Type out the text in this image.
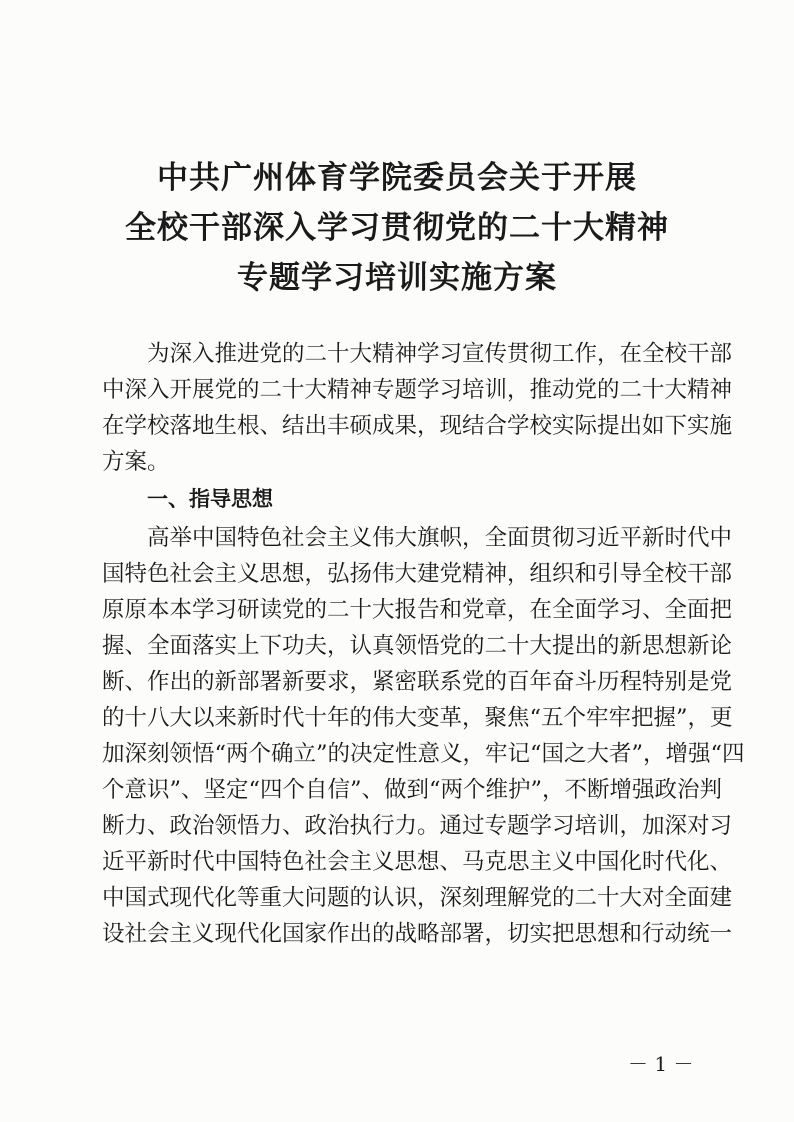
中共广州体育学院委员会关于开展
全校干部深入学习贯彻党的二十大精神
专题学习培训实施方案
为深入推进党的二十大精神学习宣传贯彻工作，在全校干部
中深入开展党的二十大精神专题学习培训，推动党的二十大精神
在学校落地生根、结出丰硕成果，现结合学校实际提出如下实施
方案。
一、指导思想
高举中国特色社会主义伟大旗帜，全面贯彻习近平新时代中
国特色社会主义思想，弘扬伟大建党精神，组织和引导全校干部
原原本本学习研读党的二十大报告和党章，在全面学习、全面把
握、全面落实上下功夫，认真领悟党的二十大提出的新思想新论
断、作出的新部署新要求，紧密联系党的百年奋斗历程特别是党
的十八大以来新时代十年的伟大变革，聚焦“五个牢牢把握”，更
加深刻领悟“两个确立”的决定性意义，牢记“国之大者”，增强“四
个意识”、坚定“四个自信”、做到“两个维护”，不断增强政治判
断力、政治领悟力、政治执行力。通过专题学习培训，加深对习
近平新时代中国特色社会主义思想、马克思主义中国化时代化、
中国式现代化等重大问题的认识，深刻理解党的二十大对全面建
设社会主义现代化国家作出的战略部署，切实把思想和行动统一
－ 1 －
